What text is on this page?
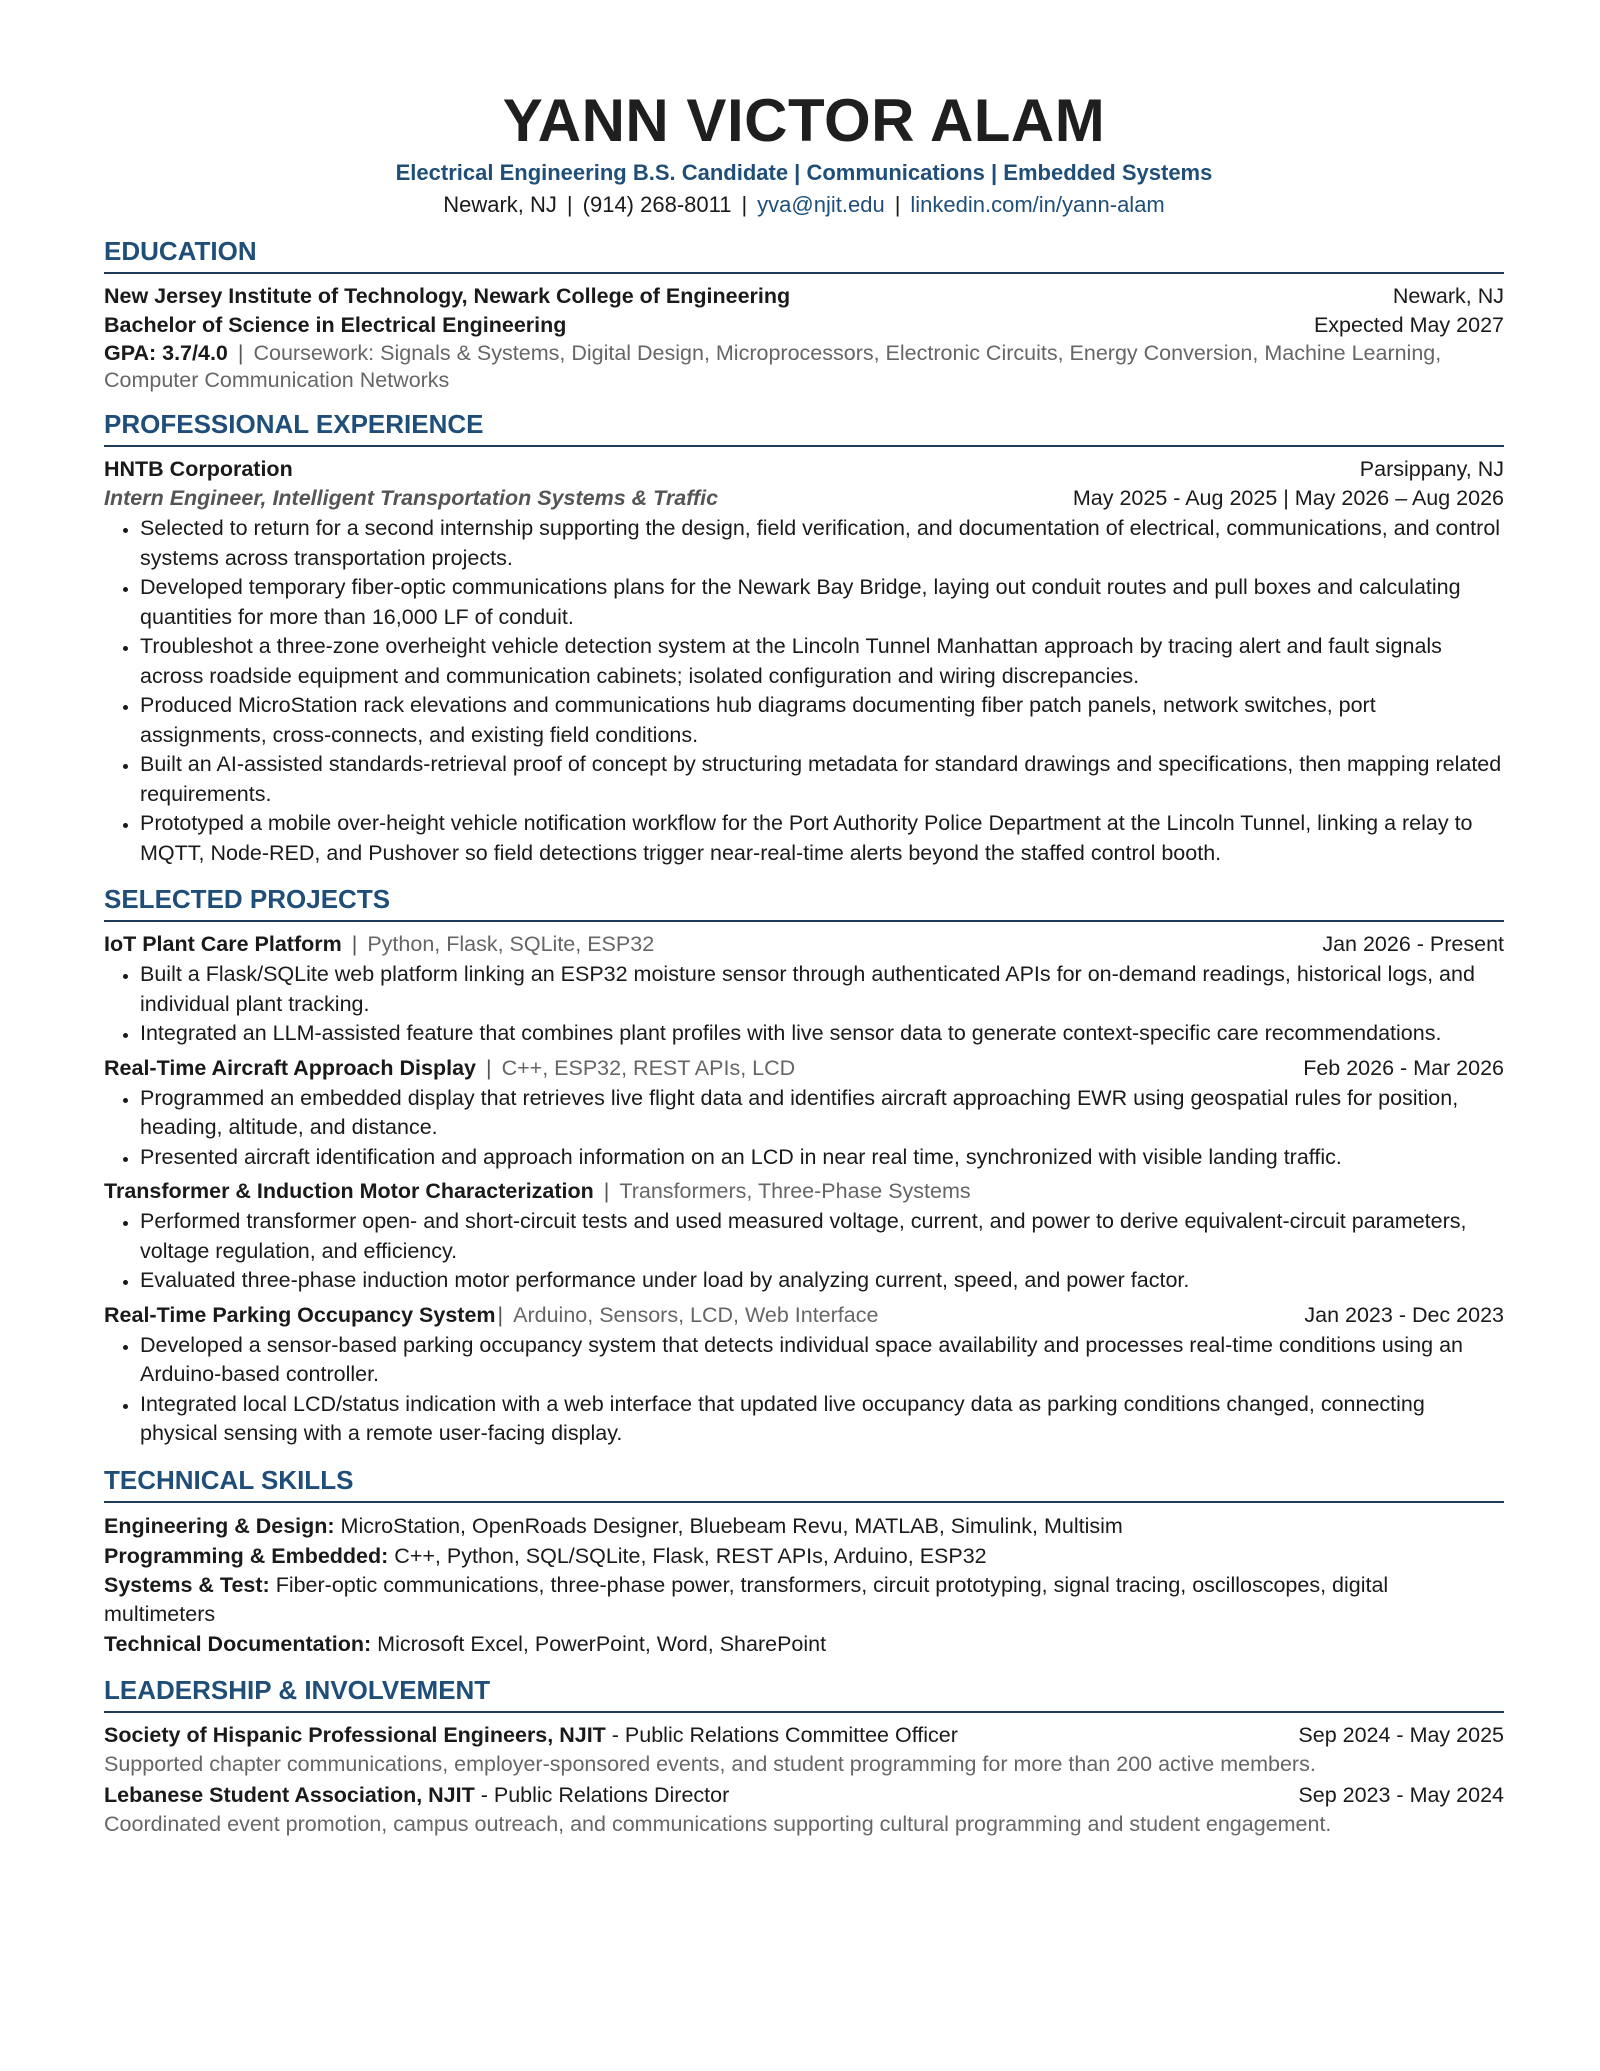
YANN VICTOR ALAM
Electrical Engineering B.S. Candidate | Communications | Embedded Systems
Newark, NJ | (914) 268-8011 | yva@njit.edu | linkedin.com/in/yann-alam
EDUCATION
New Jersey Institute of Technology, Newark College of Engineering	Newark, NJ
Bachelor of Science in Electrical Engineering	Expected May 2027
GPA: 3.7/4.0 | Coursework: Signals & Systems, Digital Design, Microprocessors, Electronic Circuits, Energy Conversion, Machine Learning, Computer Communication Networks
PROFESSIONAL EXPERIENCE
HNTB Corporation	Parsippany, NJ
Intern Engineer, Intelligent Transportation Systems & Traffic	May 2025 - Aug 2025 | May 2026 – Aug 2026
• Selected to return for a second internship supporting the design, field verification, and documentation of electrical, communications, and control systems across transportation projects.
• Developed temporary fiber-optic communications plans for the Newark Bay Bridge, laying out conduit routes and pull boxes and calculating quantities for more than 16,000 LF of conduit.
• Troubleshot a three-zone overheight vehicle detection system at the Lincoln Tunnel Manhattan approach by tracing alert and fault signals across roadside equipment and communication cabinets; isolated configuration and wiring discrepancies.
• Produced MicroStation rack elevations and communications hub diagrams documenting fiber patch panels, network switches, port assignments, cross-connects, and existing field conditions.
• Built an AI-assisted standards-retrieval proof of concept by structuring metadata for standard drawings and specifications, then mapping related requirements.
• Prototyped a mobile over-height vehicle notification workflow for the Port Authority Police Department at the Lincoln Tunnel, linking a relay to MQTT, Node-RED, and Pushover so field detections trigger near-real-time alerts beyond the staffed control booth.
SELECTED PROJECTS
IoT Plant Care Platform | Python, Flask, SQLite, ESP32	Jan 2026 - Present
• Built a Flask/SQLite web platform linking an ESP32 moisture sensor through authenticated APIs for on-demand readings, historical logs, and individual plant tracking.
• Integrated an LLM-assisted feature that combines plant profiles with live sensor data to generate context-specific care recommendations.
Real-Time Aircraft Approach Display | C++, ESP32, REST APIs, LCD	Feb 2026 - Mar 2026
• Programmed an embedded display that retrieves live flight data and identifies aircraft approaching EWR using geospatial rules for position, heading, altitude, and distance.
• Presented aircraft identification and approach information on an LCD in near real time, synchronized with visible landing traffic.
Transformer & Induction Motor Characterization | Transformers, Three-Phase Systems
• Performed transformer open- and short-circuit tests and used measured voltage, current, and power to derive equivalent-circuit parameters, voltage regulation, and efficiency.
• Evaluated three-phase induction motor performance under load by analyzing current, speed, and power factor.
Real-Time Parking Occupancy System| Arduino, Sensors, LCD, Web Interface	Jan 2023 - Dec 2023
• Developed a sensor-based parking occupancy system that detects individual space availability and processes real-time conditions using an Arduino-based controller.
• Integrated local LCD/status indication with a web interface that updated live occupancy data as parking conditions changed, connecting physical sensing with a remote user-facing display.
TECHNICAL SKILLS
Engineering & Design: MicroStation, OpenRoads Designer, Bluebeam Revu, MATLAB, Simulink, Multisim
Programming & Embedded: C++, Python, SQL/SQLite, Flask, REST APIs, Arduino, ESP32
Systems & Test: Fiber-optic communications, three-phase power, transformers, circuit prototyping, signal tracing, oscilloscopes, digital multimeters
Technical Documentation: Microsoft Excel, PowerPoint, Word, SharePoint
LEADERSHIP & INVOLVEMENT
Society of Hispanic Professional Engineers, NJIT - Public Relations Committee Officer	Sep 2024 - May 2025
Supported chapter communications, employer-sponsored events, and student programming for more than 200 active members.
Lebanese Student Association, NJIT - Public Relations Director	Sep 2023 - May 2024
Coordinated event promotion, campus outreach, and communications supporting cultural programming and student engagement.
